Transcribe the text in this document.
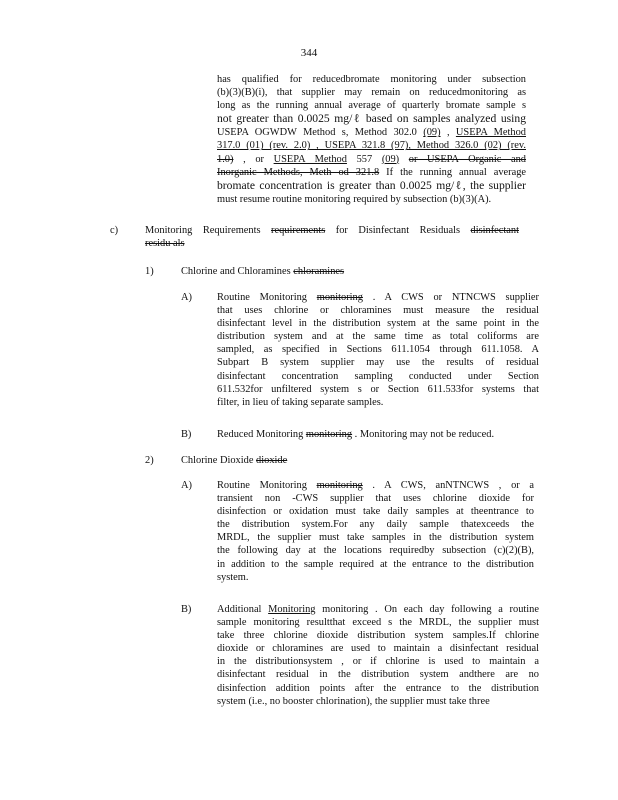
344
has qualified for reducedbromate monitoring under subsection
(b)(3)(B)(i), that supplier may remain on reducedmonitoring as
long as the running annual average of quarterly bromate sample s
not greater than 0.0025 mg/ℓ based on samples analyzed using
USEPA OGWDW Method s, Method 302.0 (09) , USEPA Method
317.0 (01) (rev. 2.0) , USEPA 321.8 (97), Method 326.0 (02) (rev.
1.0) , or USEPA Method 557 (09) or USEPA Organic and
Inorganic Methods, Meth od 321.8 If the running annual average
bromate concentration is greater than 0.0025 mg/ℓ, the supplier
must resume routine monitoring required by subsection (b)(3)(A).
c)	Monitoring Requirements requirements for Disinfectant Residuals disinfectant
residu als
1)	Chlorine and Chloramines chloramines
A) Routine Monitoring monitoring . A CWS or NTNCWS supplier
that uses chlorine or chloramines must measure the residual
disinfectant level in the distribution system at the same point in the
distribution system and at the same time as total coliforms are
sampled, as specified in Sections 611.1054 through 611.1058. A
Subpart B system supplier may use the results of residual
disinfectant concentration sampling conducted under Section
611.532for unfiltered system s or Section 611.533for systems that
filter, in lieu of taking separate samples.
B) Reduced Monitoring monitoring . Monitoring may not be reduced.
2)	Chlorine Dioxide dioxide
A) Routine Monitoring monitoring . A CWS, anNTNCWS , or a
transient non -CWS supplier that uses chlorine dioxide for
disinfection or oxidation must take daily samples at theentrance to
the distribution system.For any daily sample thatexceeds the
MRDL, the supplier must take samples in the distribution system
the following day at the locations requiredby subsection (c)(2)(B),
in addition to the sample required at the entrance to the distribution
system.
B) Additional Monitoring monitoring . On each day following a routine
sample monitoring resultthat exceed s the MRDL, the supplier must
take three chlorine dioxide distribution system samples.If chlorine
dioxide or chloramines are used to maintain a disinfectant residual
in the distributionsystem , or if chlorine is used to maintain a
disinfectant residual in the distribution system andthere are no
disinfection addition points after the entrance to the distribution
system (i.e., no booster chlorination), the supplier must take three
